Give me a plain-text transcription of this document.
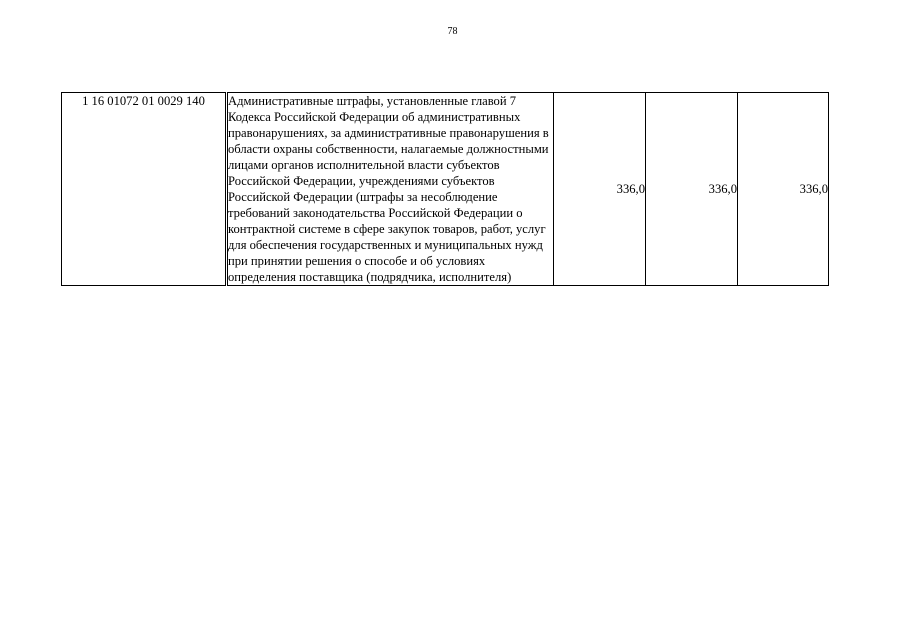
78
1 16 01072 01 0029 140	Административные штрафы, установленные главой 7 Кодекса Российской Федерации об административных правонарушениях, за административные правонарушения в области охраны собственности, налагаемые должностными лицами органов исполнительной власти субъектов Российской Федерации, учреждениями субъектов Российской Федерации (штрафы за несоблюдение требований законодательства Российской Федерации о контрактной системе в сфере закупок товаров, работ, услуг для обеспечения государственных и муниципальных нужд при принятии решения о способе и об условиях определения поставщика (подрядчика, исполнителя)	336,0	336,0	336,0
